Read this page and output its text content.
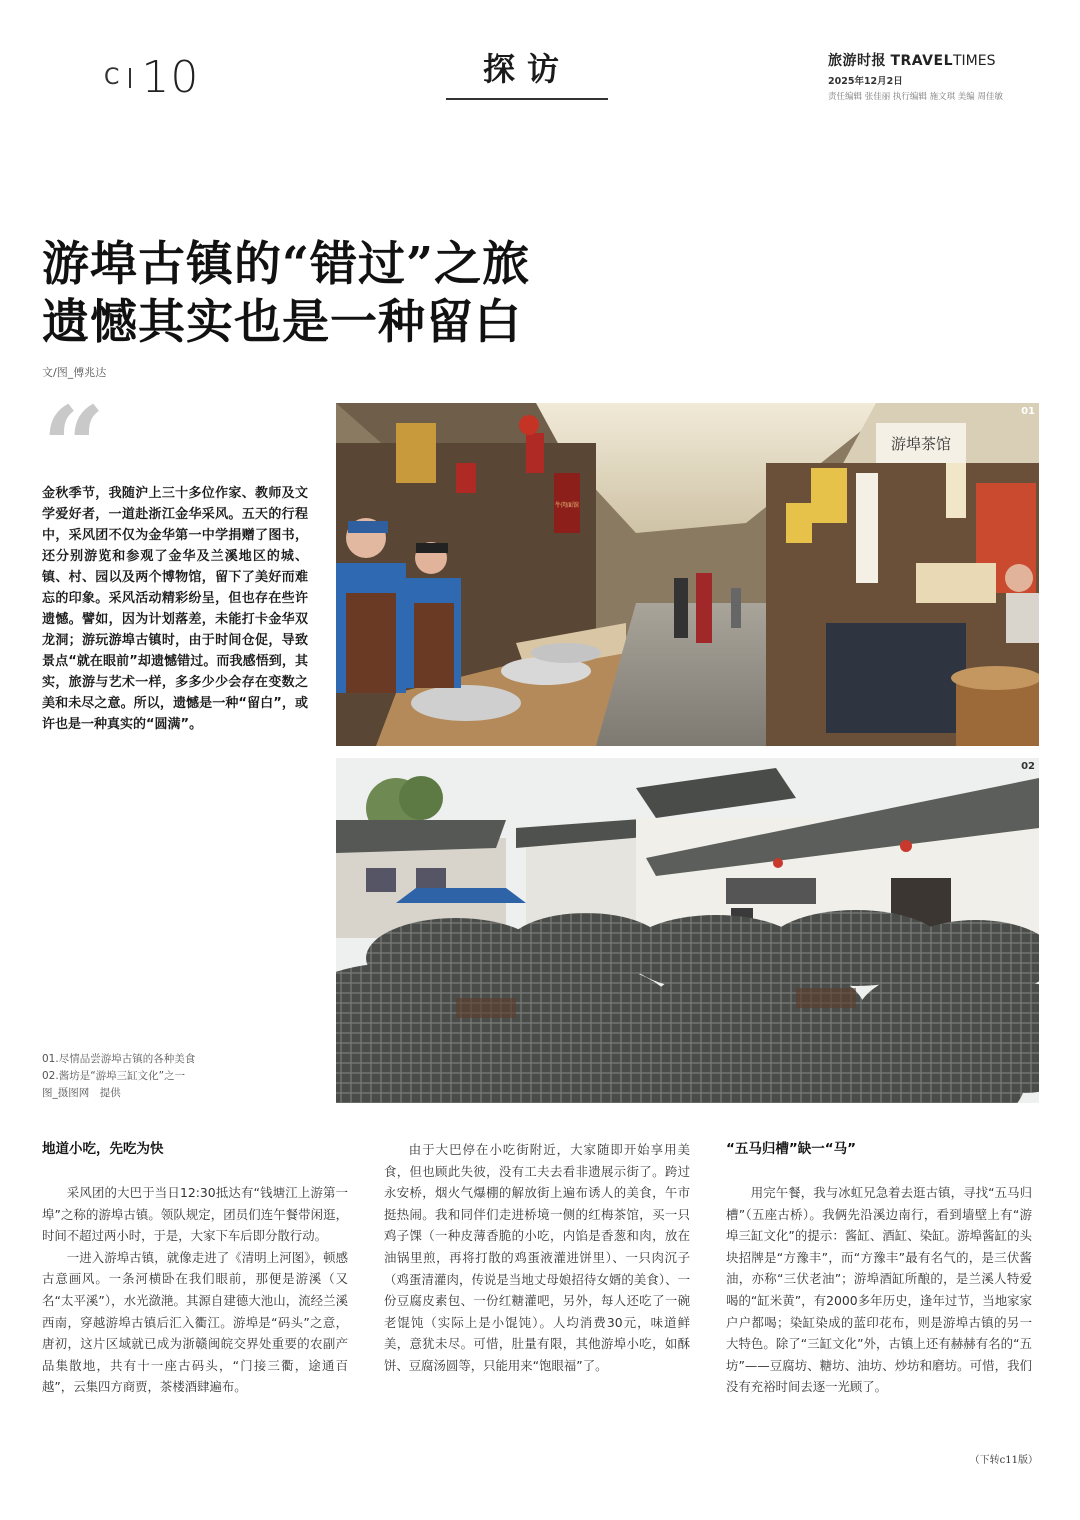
C 10	探访	旅游时报 TRAVELTIMES
2025年12月2日
责任编辑 张佳丽 执行编辑 施文琪 美编 周佳敏
游埠古镇的“错过”之旅
遗憾其实也是一种留白
文/图_傅兆达
“
金秋季节，我随沪上三十多位作家、教师及文学爱好者，一道赴浙江金华采风。五天的行程中，采风团不仅为金华第一中学捐赠了图书，还分别游览和参观了金华及兰溪地区的城、镇、村、园以及两个博物馆，留下了美好而难忘的印象。采风活动精彩纷呈，但也存在些许遗憾。譬如，因为计划落差，未能打卡金华双龙洞；游玩游埠古镇时，由于时间仓促，导致景点“就在眼前”却遗憾错过。而我感悟到，其实，旅游与艺术一样，多多少少会存在变数之美和未尽之意。所以，遗憾是一种“留白”，或许也是一种真实的“圆满”。
游埠茶馆
牛肉面馆
01
02
01.尽情品尝游埠古镇的各种美食
02.酱坊是“游埠三缸文化”之一
图_摄图网　提供
地道小吃，先吃为快

采风团的大巴于当日12:30抵达有“钱塘江上游第一埠”之称的游埠古镇。领队规定，团员们连午餐带闲逛，时间不超过两小时，于是，大家下车后即分散行动。

一进入游埠古镇，就像走进了《清明上河图》，顿感古意画风。一条河横卧在我们眼前，那便是游溪（又名“太平溪”），水光潋滟。其源自建德大池山，流经兰溪西南，穿越游埠古镇后汇入衢江。游埠是“码头”之意，唐初，这片区域就已成为浙赣闽皖交界处重要的农副产品集散地，共有十一座古码头，“门接三衢，途通百越”，云集四方商贾，茶楼酒肆遍布。

由于大巴停在小吃街附近，大家随即开始享用美食，但也顾此失彼，没有工夫去看非遗展示街了。跨过永安桥，烟火气爆棚的解放街上遍布诱人的美食，午市挺热闹。我和同伴们走进桥境一侧的红梅茶馆，买一只鸡子馃（一种皮薄香脆的小吃，内馅是香葱和肉，放在油锅里煎，再将打散的鸡蛋液灌进饼里）、一只肉沉子（鸡蛋清灌肉，传说是当地丈母娘招待女婿的美食）、一份豆腐皮素包、一份红糖灌吧，另外，每人还吃了一碗老馄饨（实际上是小馄饨）。人均消费30元，味道鲜美，意犹未尽。可惜，肚量有限，其他游埠小吃，如酥饼、豆腐汤圆等，只能用来“饱眼福”了。

“五马归槽”缺一“马”

用完午餐，我与冰虹兄急着去逛古镇，寻找“五马归槽”（五座古桥）。我俩先沿溪边南行，看到墙壁上有“游埠三缸文化”的提示：酱缸、酒缸、染缸。游埠酱缸的头块招牌是“方豫丰”，而“方豫丰”最有名气的，是三伏酱油，亦称“三伏老油”；游埠酒缸所酿的，是兰溪人特爱喝的“缸米黄”，有2000多年历史，逢年过节，当地家家户户都喝；染缸染成的蓝印花布，则是游埠古镇的另一大特色。除了“三缸文化”外，古镇上还有赫赫有名的“五坊”——豆腐坊、糖坊、油坊、炒坊和磨坊。可惜，我们没有充裕时间去逐一光顾了。

（下转c11版）
